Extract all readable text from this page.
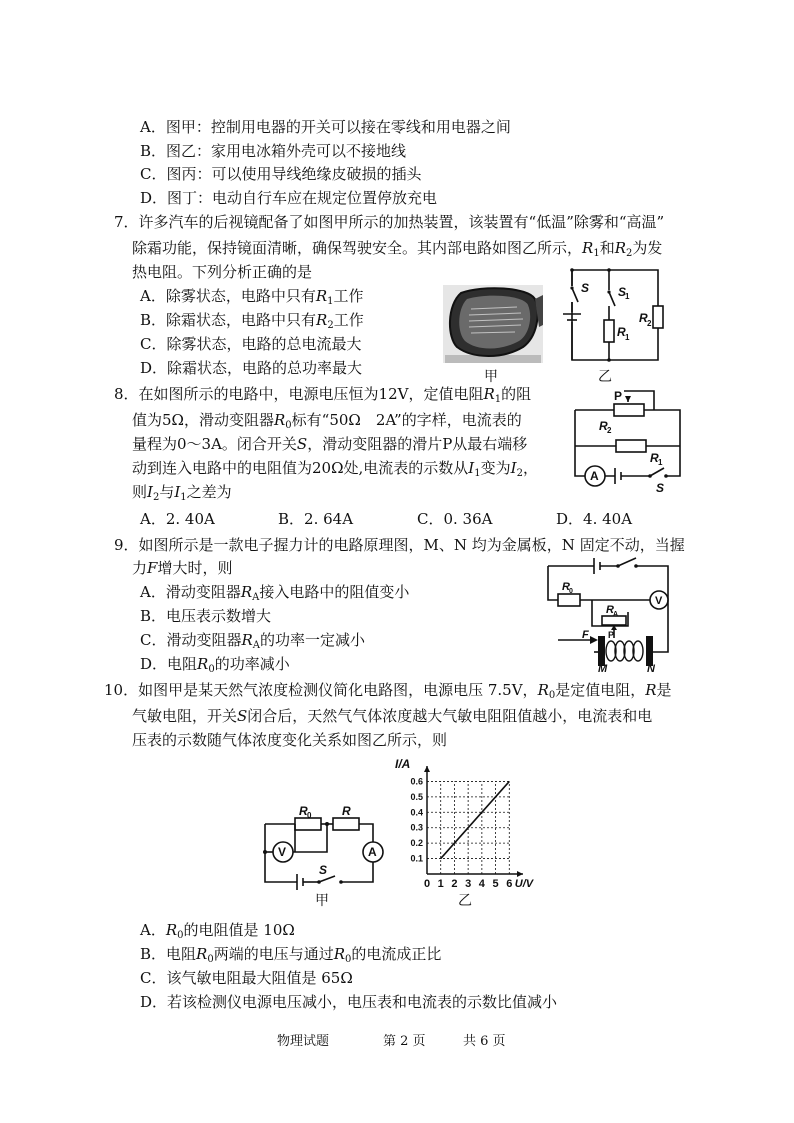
A．图甲：控制用电器的开关可以接在零线和用电器之间
B．图乙：家用电冰箱外壳可以不接地线
C．图丙：可以使用导线绝缘皮破损的插头
D．图丁：电动自行车应在规定位置停放充电
7．许多汽车的后视镜配备了如图甲所示的加热装置，该装置有“低温”除雾和“高温”
除霜功能，保持镜面清晰，确保驾驶安全。其内部电路如图乙所示，$R_1$和$R_2$为发
热电阻。下列分析正确的是
A．除雾状态，电路中只有$R_1$工作
B．除霜状态，电路中只有$R_2$工作
C．除雾状态，电路的总电流最大
D．除霜状态，电路的总功率最大	甲
S S
1
R 1
R 2
乙
8．在如图所示的电路中，电源电压恒为12V，定值电阻$R_1$的阻
值为5Ω，滑动变阻器$R_0$标有“50Ω　2A”的字样，电流表的
量程为0～3A。闭合开关S，滑动变阻器的滑片P从最右端移
动到连入电路中的电阻值为20Ω处,电流表的示数从$I_1$变为$I_2$，
则$I_2$与$I_1$之差为
A．2. 40A	B．2. 64A	C．0. 36A	D．4. 40A
P
R 2
R 1
A
S
9．如图所示是一款电子握力计的电路原理图，M、N 均为金属板，N 固定不动，当握
力F增大时，则
A．滑动变阻器$R_A$接入电路中的阻值变小
B．电压表示数增大
C．滑动变阻器$R_A$的功率一定减小
D．电阻$R_0$的功率减小
R 0
V
R A
P
F
M	N
10．如图甲是某天然气浓度检测仪简化电路图，电源电压 7.5V，$R_0$是定值电阻，R是
气敏电阻，开关S闭合后，天然气气体浓度越大气敏电阻阻值越小，电流表和电
压表的示数随气体浓度变化关系如图乙所示，则
R 0	R
V	A
S
甲
0 1 2 3 4 5 6
0.1
0.2
0.3
0.4
0.5
0.6
I/A
U/V
乙
A．$R_0$的电阻值是 10Ω
B．电阻$R_0$两端的电压与通过$R_0$的电流成正比
C．该气敏电阻最大阻值是 65Ω
D．若该检测仪电源电压减小，电压表和电流表的示数比值减小
物理试题	第 2 页	共 6 页
